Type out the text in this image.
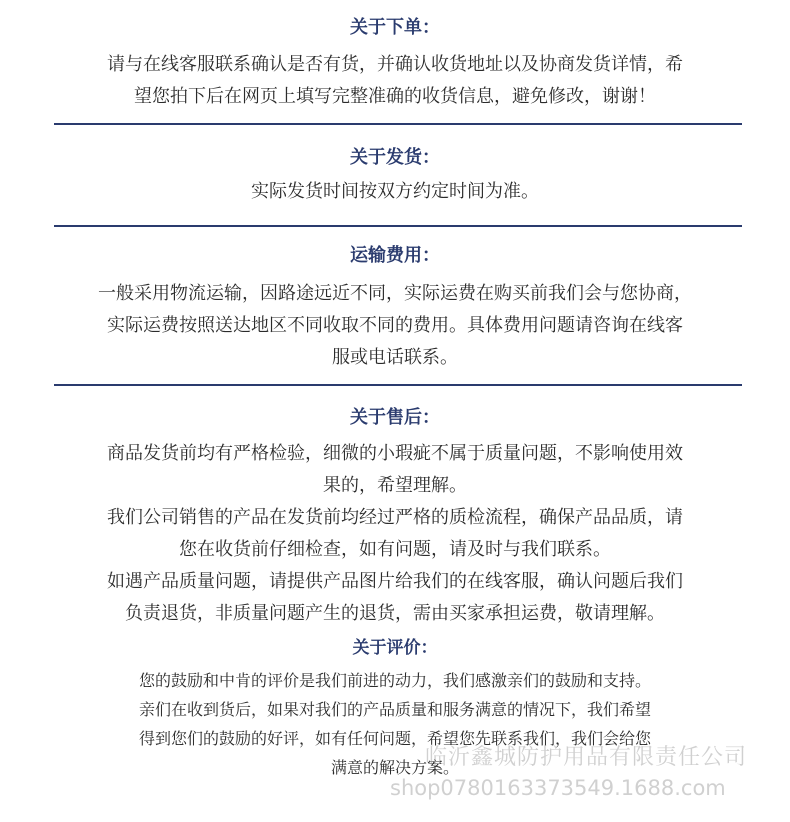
关于下单：

请与在线客服联系确认是否有货，并确认收货地址以及协商发货详情，希

望您拍下后在网页上填写完整准确的收货信息，避免修改，谢谢！

关于发货：

实际发货时间按双方约定时间为准。

运输费用：

一般采用物流运输，因路途远近不同，实际运费在购买前我们会与您协商，

实际运费按照送达地区不同收取不同的费用。具体费用问题请咨询在线客

服或电话联系。

关于售后：

商品发货前均有严格检验，细微的小瑕疵不属于质量问题，不影响使用效

果的，希望理解。

我们公司销售的产品在发货前均经过严格的质检流程，确保产品品质，请

您在收货前仔细检查，如有问题，请及时与我们联系。

如遇产品质量问题，请提供产品图片给我们的在线客服，确认问题后我们

负责退货，非质量问题产生的退货，需由买家承担运费，敬请理解。

关于评价：

您的鼓励和中肯的评价是我们前进的动力，我们感激亲们的鼓励和支持。

亲们在收到货后，如果对我们的产品质量和服务满意的情况下，我们希望

得到您们的鼓励的好评，如有任何问题，希望您先联系我们，我们会给您

满意的解决方案。

临沂鑫城防护用品有限责任公司
shop0780163373549.1688.com
